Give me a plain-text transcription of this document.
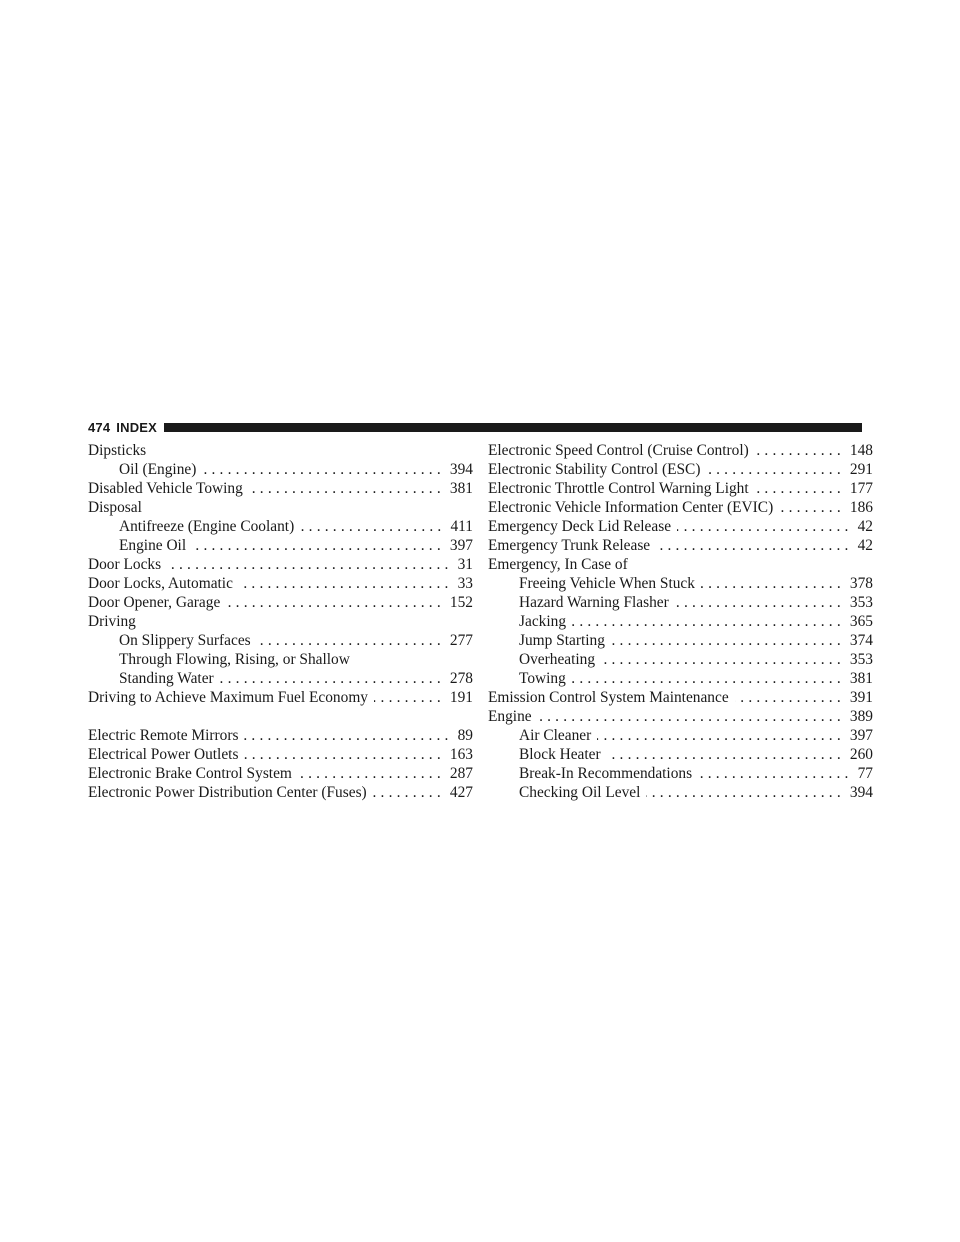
474 INDEX
Dipsticks
Oil (Engine) .....	394
Disabled Vehicle Towing .....	381
Disposal
Antifreeze (Engine Coolant) .....	411
Engine Oil .....	397
Door Locks .....	31
Door Locks, Automatic .....	33
Door Opener, Garage .....	152
Driving
On Slippery Surfaces .....	277
Through Flowing, Rising, or Shallow
Standing Water .....	278
Driving to Achieve Maximum Fuel Economy .....	191
Electric Remote Mirrors .....	89
Electrical Power Outlets .....	163
Electronic Brake Control System .....	287
Electronic Power Distribution Center (Fuses) .....	427
Electronic Speed Control (Cruise Control) .....	148
Electronic Stability Control (ESC) .....	291
Electronic Throttle Control Warning Light .....	177
Electronic Vehicle Information Center (EVIC) .....	186
Emergency Deck Lid Release .....	42
Emergency Trunk Release .....	42
Emergency, In Case of
Freeing Vehicle When Stuck .....	378
Hazard Warning Flasher .....	353
Jacking .....	365
Jump Starting .....	374
Overheating .....	353
Towing .....	381
Emission Control System Maintenance .....	391
Engine .....	389
Air Cleaner .....	397
Block Heater .....	260
Break-In Recommendations .....	77
Checking Oil Level .....	394
